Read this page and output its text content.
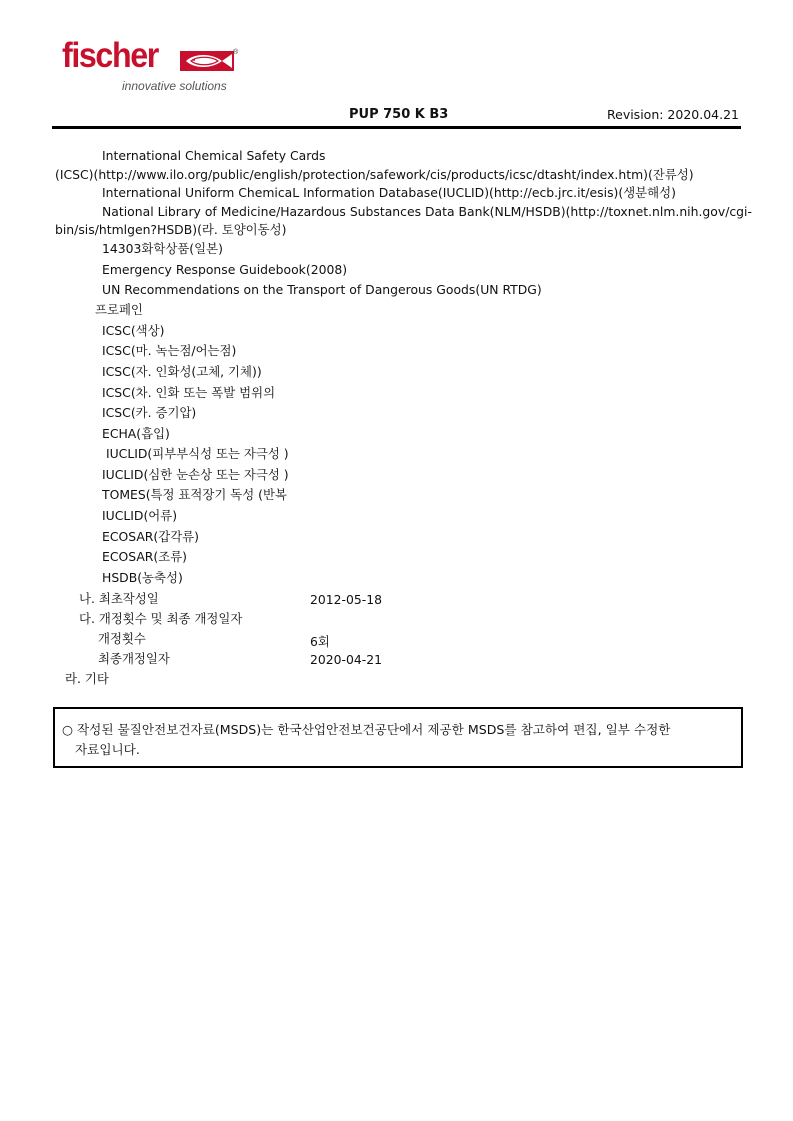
fischer	®
innovative solutions
PUP 750 K B3	Revision: 2020.04.21
International Chemical Safety Cards
(ICSC)(http://www.ilo.org/public/english/protection/safework/cis/products/icsc/dtasht/index.htm)(잔류성)
International Uniform ChemicaL Information Database(IUCLID)(http://ecb.jrc.it/esis)(생분해성)
National Library of Medicine/Hazardous Substances Data Bank(NLM/HSDB)(http://toxnet.nlm.nih.gov/cgi-
bin/sis/htmlgen?HSDB)(라. 토양이동성)
14303화학상품(일본)
Emergency Response Guidebook(2008)
UN Recommendations on the Transport of Dangerous Goods(UN RTDG)
프로페인
ICSC(색상)
ICSC(마. 녹는점/어는점)
ICSC(자. 인화성(고체, 기체))
ICSC(차. 인화 또는 폭발 범위의
ICSC(카. 증기압)
ECHA(흡입)
IUCLID(피부부식성 또는 자극성 )
IUCLID(심한 눈손상 또는 자극성 )
TOMES(특정 표적장기 독성 (반복
IUCLID(어류)
ECOSAR(갑각류)
ECOSAR(조류)
HSDB(농축성)
나. 최초작성일	2012-05-18
다. 개정횟수 및 최종 개정일자
개정횟수	6회
최종개정일자	2020-04-21
라. 기타
○ 작성된 물질안전보건자료(MSDS)는 한국산업안전보건공단에서 제공한 MSDS를 참고하여 편집, 일부 수정한
자료입니다.
